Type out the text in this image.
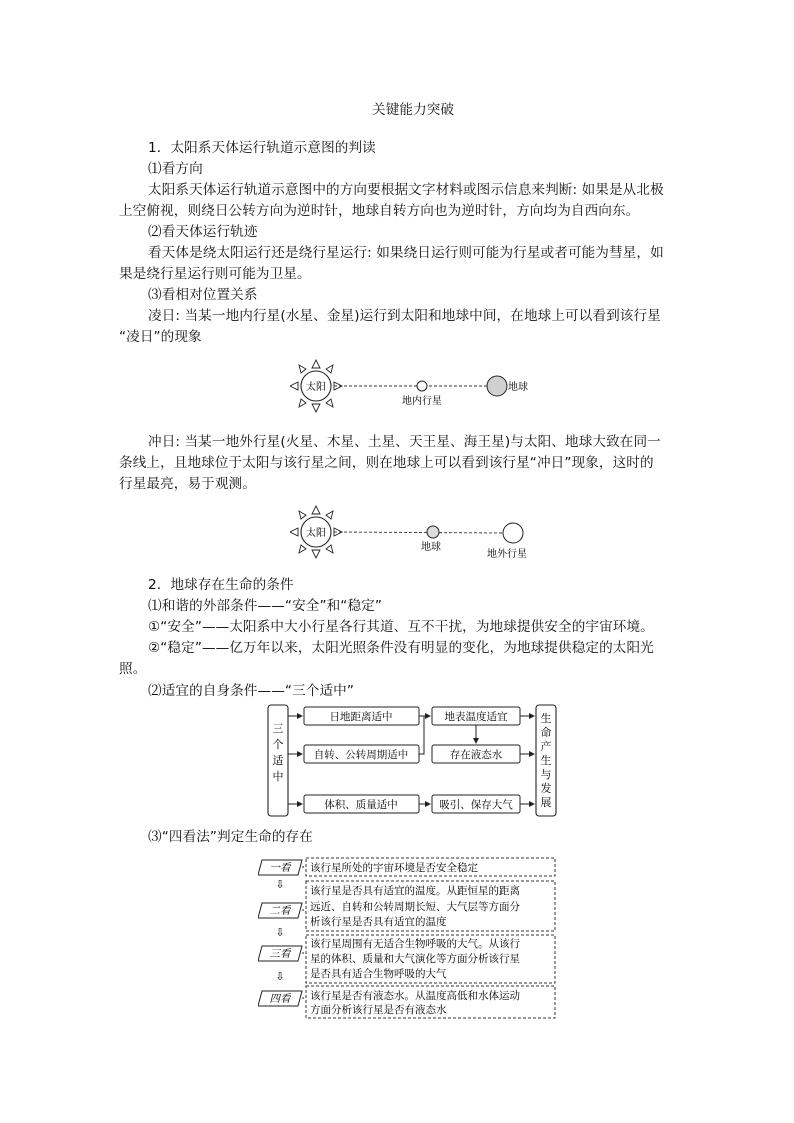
关键能力突破
1．太阳系天体运行轨道示意图的判读
⑴看方向
太阳系天体运行轨道示意图中的方向要根据文字材料或图示信息来判断: 如果是从北极
上空俯视，则绕日公转方向为逆时针，地球自转方向也为逆时针，方向均为自西向东。
⑵看天体运行轨迹
看天体是绕太阳运行还是绕行星运行: 如果绕日运行则可能为行星或者可能为彗星，如
果是绕行星运行则可能为卫星。
⑶看相对位置关系
凌日: 当某一地内行星(水星、金星)运行到太阳和地球中间，在地球上可以看到该行星
“凌日”的现象
太阳
地内行星
地球
冲日: 当某一地外行星(火星、木星、土星、天王星、海王星)与太阳、地球大致在同一
条线上，且地球位于太阳与该行星之间，则在地球上可以看到该行星“冲日”现象，这时的
行星最亮，易于观测。
太阳
地球
地外行星
2．地球存在生命的条件
⑴和谐的外部条件——“安全”和“稳定”
①“安全”——太阳系中大小行星各行其道、互不干扰，为地球提供安全的宇宙环境。
②“稳定”——亿万年以来，太阳光照条件没有明显的变化，为地球提供稳定的太阳光
照。
⑵适宜的自身条件——“三个适中”
三
个
适
中
日地距离适中
自转、公转周期适中
体积、质量适中
地表温度适宜
存在液态水
吸引、保存大气
生
命
产
生
与
发
展
⑶“四看法”判定生命的存在
一看 该行星所处的宇宙环境是否安全稳定
⇩
二看
该行星是否具有适宜的温度。从距恒星的距离
远近、自转和公转周期长短、大气层等方面分
析该行星是否具有适宜的温度
⇩
三看
该行星周围有无适合生物呼吸的大气。从该行
星的体积、质量和大气演化等方面分析该行星
是否具有适合生物呼吸的大气
⇩
四看 该行星是否有液态水。从温度高低和水体运动
方面分析该行星是否有液态水
